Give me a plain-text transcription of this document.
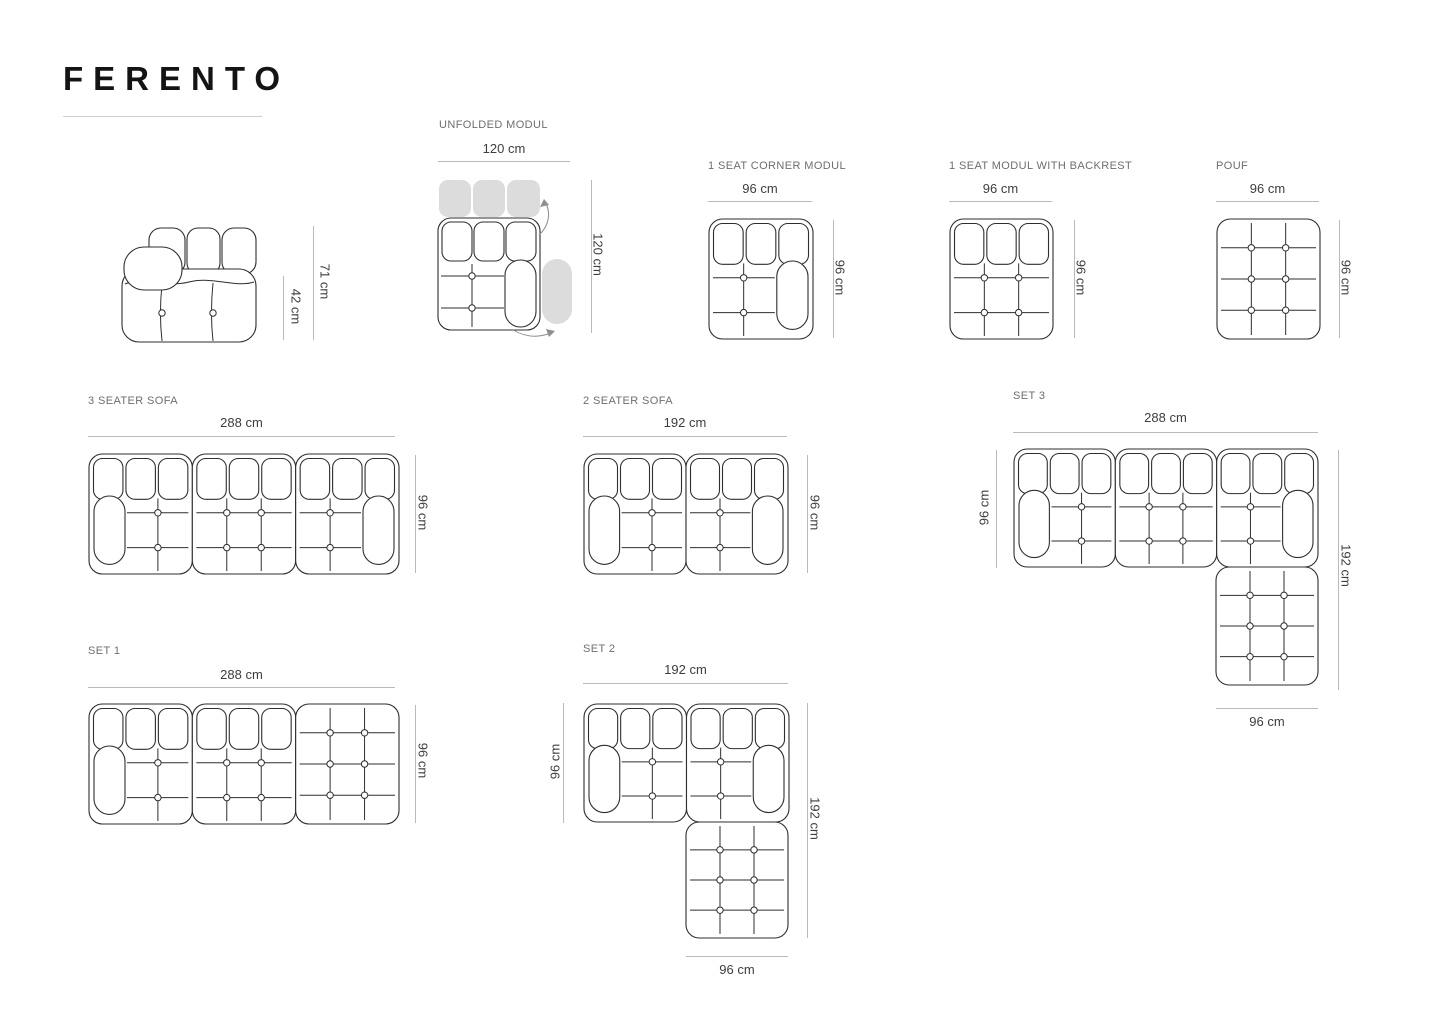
FERENTO
42 cm
71 cm
UNFOLDED MODUL
120 cm
120 cm
1 SEAT CORNER MODUL
96 cm
96 cm
1 SEAT MODUL WITH BACKREST
96 cm
96 cm
POUF
96 cm
96 cm
3 SEATER SOFA
288 cm
96 cm
2 SEATER SOFA
192 cm
96 cm
SET 3
288 cm
96 cm
192 cm
96 cm
SET 1
288 cm
96 cm
SET 2
192 cm
96 cm
192 cm
96 cm
